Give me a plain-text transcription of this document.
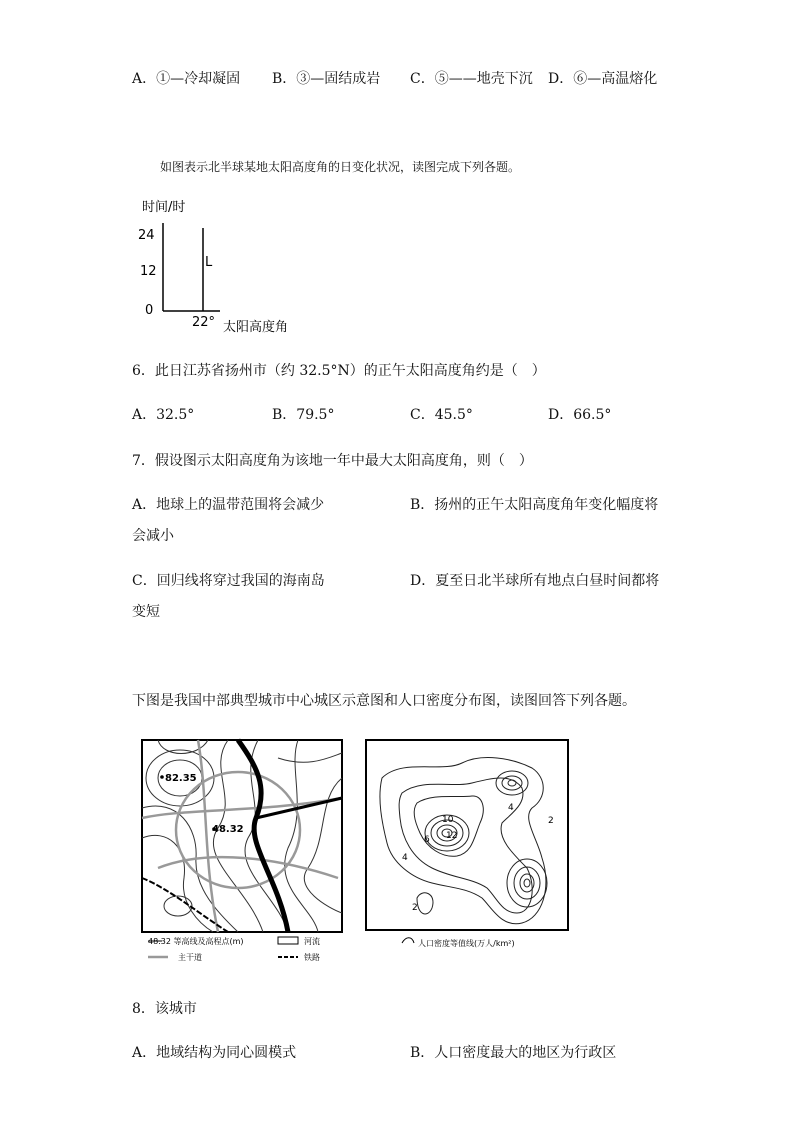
A．①—冷却凝固 B．③—固结成岩 C．⑤——地壳下沉 D．⑥—高温熔化
如图表示北半球某地太阳高度角的日变化状况，读图完成下列各题。
时间/时
24
12
0
L
22° 太阳高度角
6．此日江苏省扬州市（约 32.5°N）的正午太阳高度角约是（　）
A．32.5°	B．79.5°	C．45.5°	D．66.5°
7．假设图示太阳高度角为该地一年中最大太阳高度角，则（　）
A．地球上的温带范围将会减少	B．扬州的正午太阳高度角年变化幅度将
会减小
C．回归线将穿过我国的海南岛	D．夏至日北半球所有地点白昼时间都将
变短
下图是我国中部典型城市中心城区示意图和人口密度分布图，读图回答下列各题。
82.35
48.32
48.32 等高线及高程点(m)	河流
主干道	铁路
4
2
10
12
6
4
2
人口密度等值线(万人/km²)
8．该城市
A．地域结构为同心圆模式	B．人口密度最大的地区为行政区
